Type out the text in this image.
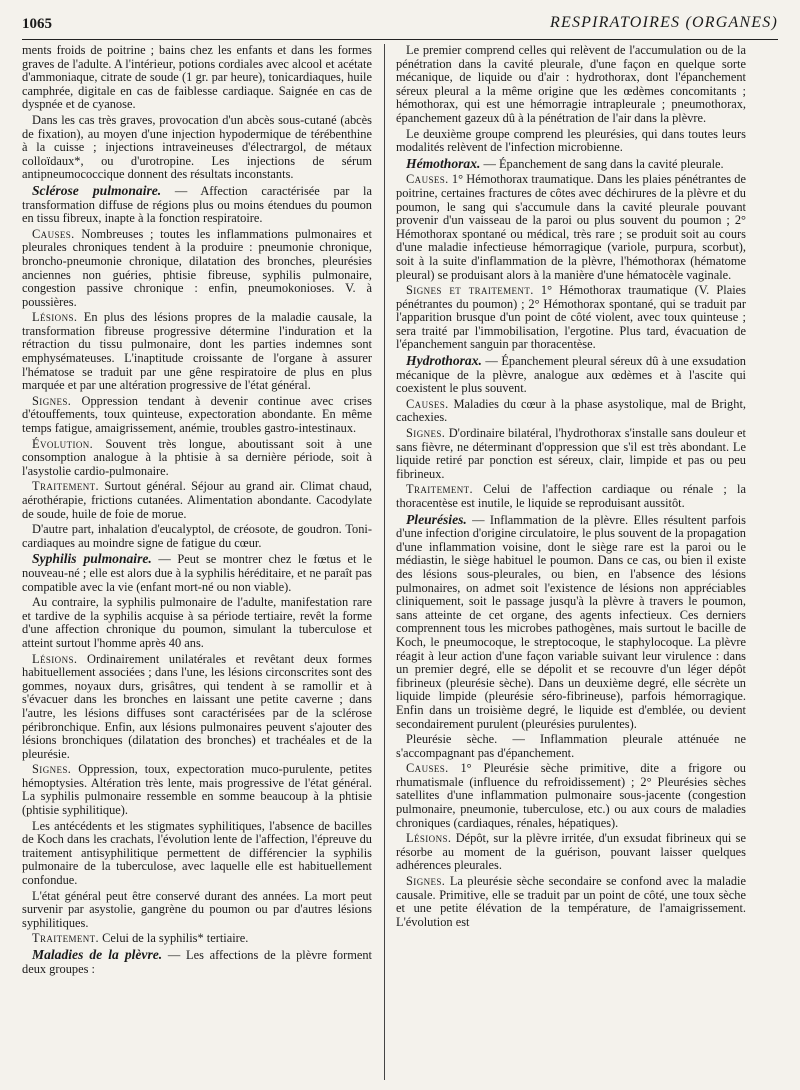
1065	RESPIRATOIRES (ORGANES)

ments froids de poitrine ; bains chez les enfants et dans les formes graves de l'adulte. A l'intérieur, potions cordiales avec alcool et acétate d'ammoniaque, citrate de soude (1 gr. par heure), tonicardiaques, huile camphrée, digitale en cas de faiblesse cardiaque. Saignée en cas de dyspnée et de cyanose.

Dans les cas très graves, provocation d'un abcès sous-cutané (abcès de fixation), au moyen d'une injection hypodermique de térébenthine à la cuisse ; injections intraveineuses d'électrargol, de métaux colloïdaux*, ou d'urotropine. Les injections de sérum antipneumococcique donnent des résultats inconstants.

Sclérose pulmonaire. — Affection caractérisée par la transformation diffuse de régions plus ou moins étendues du poumon en tissu fibreux, inapte à la fonction respiratoire.

Causes. Nombreuses ; toutes les inflammations pulmonaires et pleurales chroniques tendent à la produire : pneumonie chronique, broncho-pneumonie chronique, dilatation des bronches, pleurésies anciennes non guéries, phtisie fibreuse, syphilis pulmonaire, congestion passive chronique : enfin, pneumokonioses. V. à poussières.

Lésions. En plus des lésions propres de la maladie causale, la transformation fibreuse progressive détermine l'induration et la rétraction du tissu pulmonaire, dont les parties indemnes sont emphysémateuses. L'inaptitude croissante de l'organe à assurer l'hématose se traduit par une gêne respiratoire de plus en plus marquée et par une altération progressive de l'état général.

Signes. Oppression tendant à devenir continue avec crises d'étouffements, toux quinteuse, expectoration abondante. En même temps fatigue, amaigrissement, anémie, troubles gastro-intestinaux.

Évolution. Souvent très longue, aboutissant soit à une consomption analogue à la phtisie à sa dernière période, soit à l'asystolie cardio-pulmonaire.

Traitement. Surtout général. Séjour au grand air. Climat chaud, aérothérapie, frictions cutanées. Alimentation abondante. Cacodylate de soude, huile de foie de morue.

D'autre part, inhalation d'eucalyptol, de créosote, de goudron. Toni-cardiaques au moindre signe de fatigue du cœur.

Syphilis pulmonaire. — Peut se montrer chez le fœtus et le nouveau-né ; elle est alors due à la syphilis héréditaire, et ne paraît pas compatible avec la vie (enfant mort-né ou non viable).

Au contraire, la syphilis pulmonaire de l'adulte, manifestation rare et tardive de la syphilis acquise à sa période tertiaire, revêt la forme d'une affection chronique du poumon, simulant la tuberculose et atteint surtout l'homme après 40 ans.

Lésions. Ordinairement unilatérales et revêtant deux formes habituellement associées ; dans l'une, les lésions circonscrites sont des gommes, noyaux durs, grisâtres, qui tendent à se ramollir et à s'évacuer dans les bronches en laissant une petite caverne ; dans l'autre, les lésions diffuses sont caractérisées par de la sclérose péribronchique. Enfin, aux lésions pulmonaires peuvent s'ajouter des lésions bronchiques (dilatation des bronches) et trachéales et de la pleurésie.

Signes. Oppression, toux, expectoration muco-purulente, petites hémoptysies. Altération très lente, mais progressive de l'état général. La syphilis pulmonaire ressemble en somme beaucoup à la phtisie (phtisie syphilitique).

Les antécédents et les stigmates syphilitiques, l'absence de bacilles de Koch dans les crachats, l'évolution lente de l'affection, l'épreuve du traitement antisyphilitique permettent de différencier la syphilis pulmonaire de la tuberculose, avec laquelle elle est habituellement confondue.

L'état général peut être conservé durant des années. La mort peut survenir par asystolie, gangrène du poumon ou par d'autres lésions syphilitiques.

Traitement. Celui de la syphilis* tertiaire.

Maladies de la plèvre. — Les affections de la plèvre forment deux groupes :

Le premier comprend celles qui relèvent de l'accumulation ou de la pénétration dans la cavité pleurale, d'une façon en quelque sorte mécanique, de liquide ou d'air : hydrothorax, dont l'épanchement séreux pleural a la même origine que les œdèmes concomitants ; hémothorax, qui est une hémorragie intrapleurale ; pneumothorax, épanchement gazeux dû à la pénétration de l'air dans la plèvre.

Le deuxième groupe comprend les pleurésies, qui dans toutes leurs modalités relèvent de l'infection microbienne.

Hémothorax. — Épanchement de sang dans la cavité pleurale.

Causes. 1° Hémothorax traumatique. Dans les plaies pénétrantes de poitrine, certaines fractures de côtes avec déchirures de la plèvre et du poumon, le sang qui s'accumule dans la cavité pleurale pouvant provenir d'un vaisseau de la paroi ou plus souvent du poumon ; 2° Hémothorax spontané ou médical, très rare ; se produit soit au cours d'une maladie infectieuse hémorragique (variole, purpura, scorbut), soit à la suite d'inflammation de la plèvre, l'hémothorax (hématome pleural) se produisant alors à la manière d'une hématocèle vaginale.

Signes et traitement. 1° Hémothorax traumatique (V. Plaies pénétrantes du poumon) ; 2° Hémothorax spontané, qui se traduit par l'apparition brusque d'un point de côté violent, avec toux quinteuse ; sera traité par l'immobilisation, l'ergotine. Plus tard, évacuation de l'épanchement sanguin par thoracentèse.

Hydrothorax. — Épanchement pleural séreux dû à une exsudation mécanique de la plèvre, analogue aux œdèmes et à l'ascite qui coexistent le plus souvent.

Causes. Maladies du cœur à la phase asystolique, mal de Bright, cachexies.

Signes. D'ordinaire bilatéral, l'hydrothorax s'installe sans douleur et sans fièvre, ne déterminant d'oppression que s'il est très abondant. Le liquide retiré par ponction est séreux, clair, limpide et pas ou peu fibrineux.

Traitement. Celui de l'affection cardiaque ou rénale ; la thoracentèse est inutile, le liquide se reproduisant aussitôt.

Pleurésies. — Inflammation de la plèvre. Elles résultent parfois d'une infection d'origine circulatoire, le plus souvent de la propagation d'une inflammation voisine, dont le siège rare est la paroi ou le médiastin, le siège habituel le poumon. Dans ce cas, ou bien il existe des lésions sous-pleurales, ou bien, en l'absence des lésions pulmonaires, on admet soit l'existence de lésions non appréciables cliniquement, soit le passage jusqu'à la plèvre à travers le poumon, sans atteinte de cet organe, des agents infectieux. Ces derniers comprennent tous les microbes pathogènes, mais surtout le bacille de Koch, le pneumocoque, le streptocoque, le staphylocoque. La plèvre réagit à leur action d'une façon variable suivant leur virulence : dans un premier degré, elle se dépolit et se recouvre d'un léger dépôt fibrineux (pleurésie sèche). Dans un deuxième degré, elle sécrète un liquide limpide (pleurésie séro-fibrineuse), parfois hémorragique. Enfin dans un troisième degré, le liquide est d'emblée, ou devient secondairement purulent (pleurésies purulentes).

Pleurésie sèche. — Inflammation pleurale atténuée ne s'accompagnant pas d'épanchement.

Causes. 1° Pleurésie sèche primitive, dite a frigore ou rhumatismale (influence du refroidissement) ; 2° Pleurésies sèches satellites d'une inflammation pulmonaire sous-jacente (congestion pulmonaire, pneumonie, tuberculose, etc.) ou aux cours de maladies chroniques (cardiaques, rénales, hépatiques).

Lésions. Dépôt, sur la plèvre irritée, d'un exsudat fibrineux qui se résorbe au moment de la guérison, pouvant laisser quelques adhérences pleurales.

Signes. La pleurésie sèche secondaire se confond avec la maladie causale. Primitive, elle se traduit par un point de côté, une toux sèche et une petite élévation de la température, de l'amaigrissement. L'évolution est
